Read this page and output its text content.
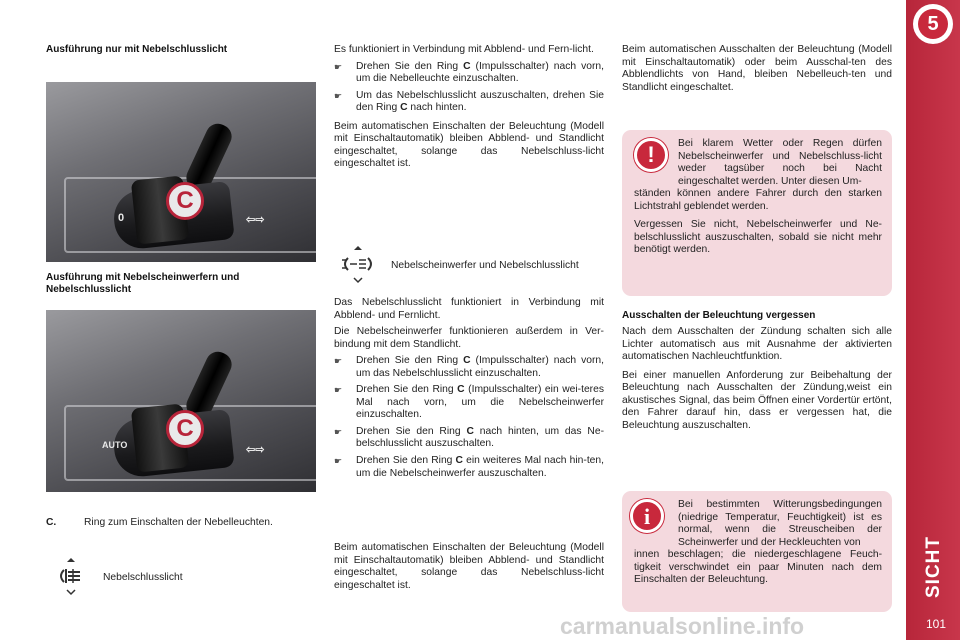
Ausführung nur mit Nebelschlusslicht
0	⇦⇨
C
Ausführung mit Nebelscheinwerfern und Nebelschlusslicht
AUTO	⇦⇨
C
C.	Ring zum Einschalten der Nebelleuchten.
Nebelschlusslicht

Es funktioniert in Verbindung mit Abblend- und Fern-licht.

☛	Drehen Sie den Ring C (Impulsschalter) nach vorn, um die Nebelleuchte einzuschalten.
☛	Um das Nebelschlusslicht auszuschalten, drehen Sie den Ring C nach hinten.

Beim automatischen Einschalten der Beleuchtung (Modell mit Einschaltautomatik) bleiben Abblend- und Standlicht eingeschaltet, solange das Nebelschluss-licht eingeschaltet ist.

Nebelscheinwerfer und Nebelschlusslicht

Das Nebelschlusslicht funktioniert in Verbindung mit Abblend- und Fernlicht.

Die Nebelscheinwerfer funktionieren außerdem in Ver-bindung mit dem Standlicht.

☛	Drehen Sie den Ring C (Impulsschalter) nach vorn, um das Nebelschlusslicht einzuschalten.
☛	Drehen Sie den Ring C (Impulsschalter) ein wei-teres Mal nach vorn, um die Nebelscheinwerfer einzuschalten.
☛	Drehen Sie den Ring C nach hinten, um das Ne-belschlusslicht auszuschalten.
☛	Drehen Sie den Ring C ein weiteres Mal nach hin-ten, um die Nebelscheinwerfer auszuschalten.

Beim automatischen Einschalten der Beleuchtung (Modell mit Einschaltautomatik) bleiben Abblend- und Standlicht eingeschaltet, solange das Nebelschluss-licht eingeschaltet ist.

Beim automatischen Ausschalten der Beleuchtung (Modell mit Einschaltautomatik) oder beim Ausschal-ten des Abblendlichts von Hand, bleiben Nebelleuch-ten und Standlicht eingeschaltet.

!	Bei klarem Wetter oder Regen dürfen Nebelscheinwerfer und Nebelschluss-licht weder tagsüber noch bei Nacht eingeschaltet werden. Unter diesen Um-

ständen können andere Fahrer durch den starken Lichtstrahl geblendet werden.

Vergessen Sie nicht, Nebelscheinwerfer und Ne-belschlusslicht auszuschalten, sobald sie nicht mehr benötigt werden.

Ausschalten der Beleuchtung vergessen

Nach dem Ausschalten der Zündung schalten sich alle Lichter automatisch aus mit Ausnahme der aktivierten automatischen Nachleuchtfunktion.

Bei einer manuellen Anforderung zur Beibehaltung der Beleuchtung nach Ausschalten der Zündung,weist ein akustisches Signal, das beim Öffnen einer Vordertür ertönt, den Fahrer darauf hin, dass er vergessen hat, die Beleuchtung auszuschalten.

i	Bei bestimmten Witterungsbedingungen (niedrige Temperatur, Feuchtigkeit) ist es normal, wenn die Streuscheiben der Scheinwerfer und der Heckleuchten von

innen beschlagen; die niedergeschlagene Feuch-tigkeit verschwindet ein paar Minuten nach dem Einschalten der Beleuchtung.

5
SICHT
101
carmanualsonline.info
